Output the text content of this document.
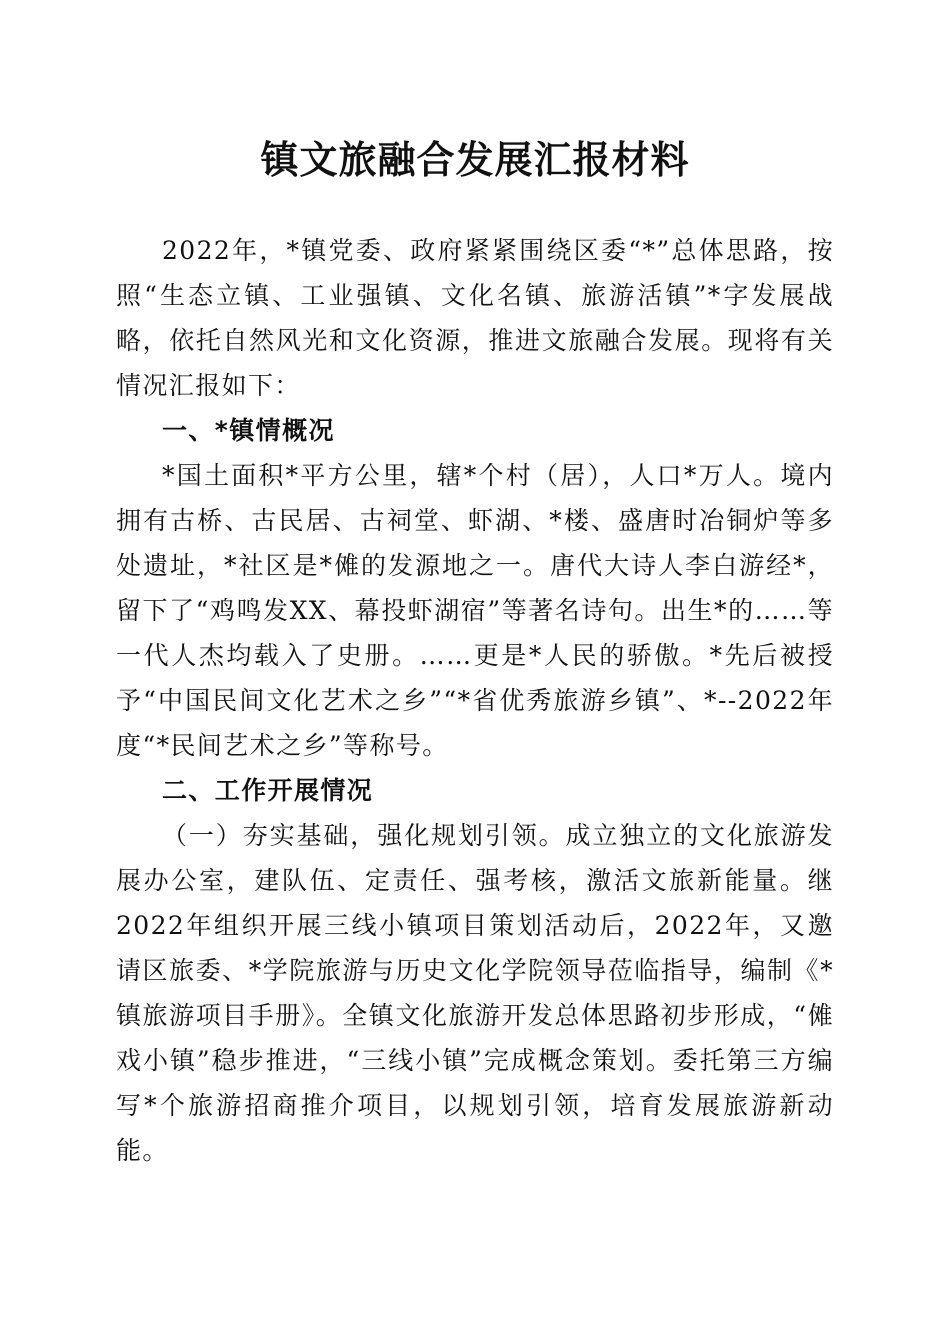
镇文旅融合发展汇报材料

2022年，*镇党委、政府紧紧围绕区委“*”总体思路，按照“生态立镇、工业强镇、文化名镇、旅游活镇”*字发展战略，依托自然风光和文化资源，推进文旅融合发展。现将有关情况汇报如下：

一、*镇情概况

*国土面积*平方公里，辖*个村（居），人口*万人。境内拥有古桥、古民居、古祠堂、虾湖、*楼、盛唐时冶铜炉等多处遗址，*社区是*傩的发源地之一。唐代大诗人李白游经*，留下了“鸡鸣发XX、幕投虾湖宿”等著名诗句。出生*的……等一代人杰均载入了史册。……更是*人民的骄傲。*先后被授予“中国民间文化艺术之乡”“*省优秀旅游乡镇”、*--2022年度“*民间艺术之乡”等称号。

二、工作开展情况

（一）夯实基础，强化规划引领。成立独立的文化旅游发展办公室，建队伍、定责任、强考核，激活文旅新能量。继2022年组织开展三线小镇项目策划活动后，2022年，又邀请区旅委、*学院旅游与历史文化学院领导莅临指导，编制《*镇旅游项目手册》。全镇文化旅游开发总体思路初步形成，“傩戏小镇”稳步推进，“三线小镇”完成概念策划。委托第三方编写*个旅游招商推介项目，以规划引领，培育发展旅游新动能。
